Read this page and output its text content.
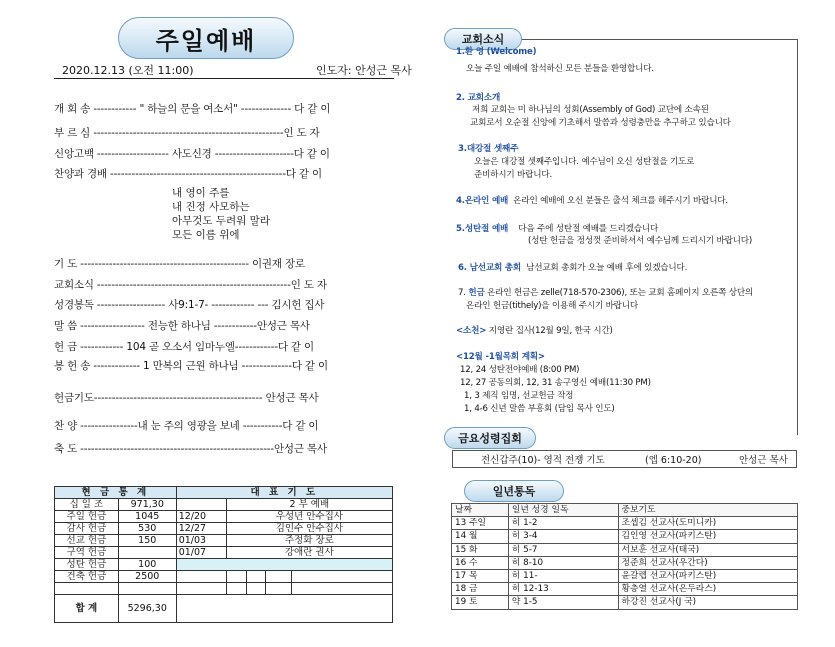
주일예배
2020.12.13 (오전 11:00)	인도자: 안성근 목사
개 회 송 ------------ " 하늘의 문을 여소서" -------------- 다 같 이
부 르 심 -----------------------------------------------------인 도 자
신앙고백 -------------------- 사도신경 ----------------------다 같 이
찬양과 경배 -------------------------------------------------다 같 이
내 영이 주를
내 진정 사모하는
아무것도 두려워 말라
모든 이름 위에
기 도 ----------------------------------------------- 이권재 장로
교회소식 ------------------------------------------------------인 도 자
성경봉독 ------------------- 사9:1-7- ------------ --- 김시헌 집사
말 씀 ------------------ 전능한 하나님 ------------안성근 목사
헌 금 ------------ 104 곧 오소서 임마누엘------------다 같 이
봉 헌 송 ------------- 1 만복의 근원 하나님 --------------다 같 이
헌금기도----------------------------------------------- 안성근 목사
찬 양 ----------------내 눈 주의 영광을 보네 -----------다 같 이
축 도 ------------------------------------------------------안성근 목사
현 금 통 계		대 표 기 도				
십 일 조	971,30		2 부 예배			
주일 헌금	1045	12/20	우성년 안수집사			
감사 헌금	530	12/27	김인수 안수집사			
선교 헌금	150	01/03	주정화 장로			
구역 헌금		01/07	강애란 권사			
성탄 헌금	100					
건축 헌금	2500					

합 계	5296,30					
교회소식
1.환 영 (Welcome)
오늘 주일 예배에 참석하신 모든 분들을 환영합니다.
2. 교회소개
저희 교회는 미 하나님의 성회(Assembly of God) 교단에 소속된
교회로서 오순절 신앙에 기초해서 말씀과 성령충만을 추구하고 있습니다
3.대강절 셋째주
오늘은 대강절 셋째주입니다. 예수님이 오신 성탄절을 기도로
준비하시기 바랍니다.
4.온라인 예배 온라인 예배에 오신 분들은 출석 체크를 해주시기 바랍니다.
5.성탄절 예배 다음 주에 성탄절 예배를 드리겠습니다
(성탄 헌금을 정성껏 준비하셔서 예수님께 드리시기 바랍니다)
6. 남선교회 총회 남선교회 총회가 오늘 예배 후에 있겠습니다.
7. 헌금 온라인 헌금은 zelle(718-570-2306), 또는 교회 홈페이지 오른쪽 상단의
온라인 헌금(tithely)을 이용해 주시기 바랍니다
<소천> 지영란 집사(12월 9일, 한국 시간)
<12월 -1월목회 계획>
12, 24 성탄전야예배 (8:00 PM)
12, 27 공동의회, 12, 31 송구영신 예배(11:30 PM)
1, 3 제직 임명, 선교헌금 작정
1, 4-6 신년 말씀 부흥회 (담임 목사 인도)
금요성령집회
전신갑주(10)- 영적 전쟁 기도	(엡 6:10-20)	안성근 목사
일년통독
날짜	일년 성경 일독	중보기도
13 주일	히 1-2	조셉김 선교사(도미니카)
14 월	히 3-4	김인영 선교사(파키스탄)
15 화	히 5-7	서보훈 선교사(태국)
16 수	히 8-10	정준희 선교사(우간다)
17 목	히 11-	윤갈렙 선교사(파키스탄)
18 금	히 12-13	황층열 선교사(온두라스)
19 토	약 1-5	하강진 선교사(J 국)
